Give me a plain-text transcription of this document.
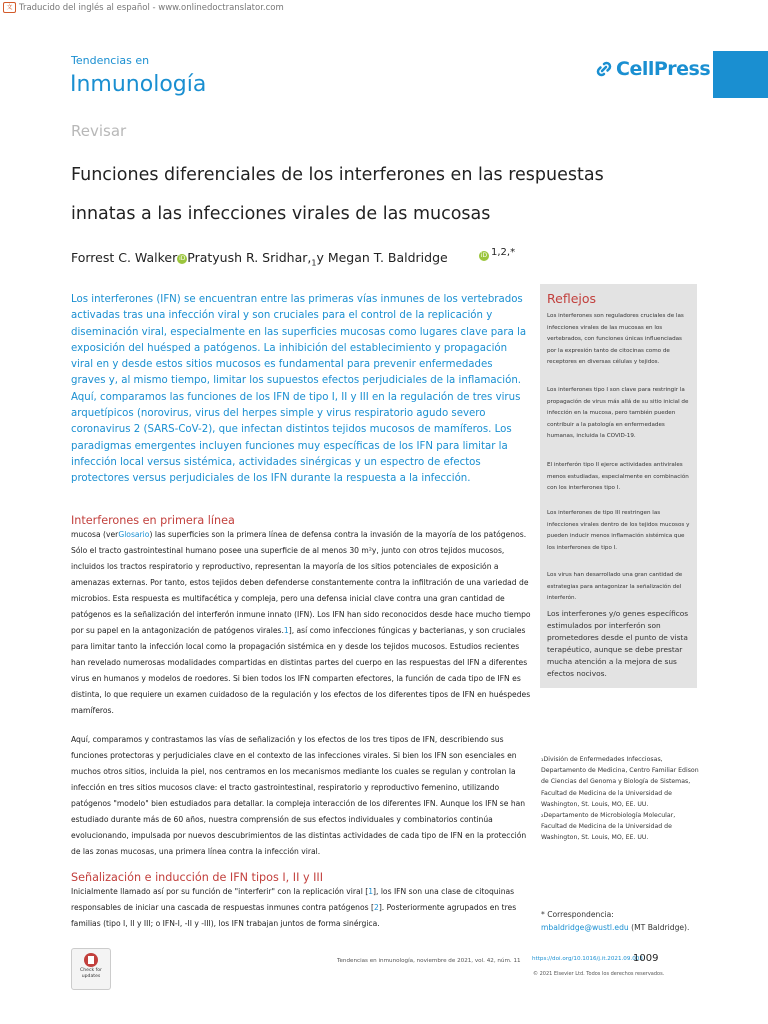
文 Traducido del inglés al español - www.onlinedoctranslator.com
Tendencias en
Inmunología
CellPress
Revisar
Funciones diferenciales de los interferones en las respuestas
innatas a las infecciones virales de las mucosas
Forrest C. Walker iD Pratyush R. $Sridhar,_1y$ Megan T. Baldridge	iD 1,2,*
Los interferones (IFN) se encuentran entre las primeras vías inmunes de los vertebrados activadas tras una infección viral y son cruciales para el control de la replicación y diseminación viral, especialmente en las superficies mucosas como lugares clave para la exposición del huésped a patógenos. La inhibición del establecimiento y propagación viral en y desde estos sitios mucosos es fundamental para prevenir enfermedades graves y, al mismo tiempo, limitar los supuestos efectos perjudiciales de la inflamación. Aquí, comparamos las funciones de los IFN de tipo I, II y III en la regulación de tres virus arquetípicos (norovirus, virus del herpes simple y virus respiratorio agudo severo coronavirus 2 (SARS-CoV-2), que infectan distintos tejidos mucosos de mamíferos. Los paradigmas emergentes incluyen funciones muy específicas de los IFN para limitar la infección local versus sistémica, actividades sinérgicas y un espectro de efectos protectores versus perjudiciales de los IFN durante la respuesta a la infección.
Reflejos
Los interferones son reguladores cruciales de las infecciones virales de las mucosas en los vertebrados, con funciones únicas influenciadas por la expresión tanto de citocinas como de receptores en diversas células y tejidos.
Los interferones tipo I son clave para restringir la propagación de virus más allá de su sitio inicial de infección en la mucosa, pero también pueden contribuir a la patología en enfermedades humanas, incluida la COVID-19.
El interferón tipo II ejerce actividades antivirales menos estudiadas, especialmente en combinación con los interferones tipo I.
Los interferones de tipo III restringen las infecciones virales dentro de los tejidos mucosos y pueden inducir menos inflamación sistémica que los interferones de tipo I.
Los virus han desarrollado una gran cantidad de estrategias para antagonizar la señalización del interferón.
Los interferones y/o genes específicos estimulados por interferón son prometedores desde el punto de vista terapéutico, aunque se debe prestar mucha atención a la mejora de sus efectos nocivos.
Interferones en primera línea
mucosa (verGlosario) las superficies son la primera línea de defensa contra la invasión de la mayoría de los patógenos. Sólo el tracto gastrointestinal humano posee una superficie de al menos 30 m²y, junto con otros tejidos mucosos, incluidos los tractos respiratorio y reproductivo, representan la mayoría de los sitios potenciales de exposición a amenazas externas. Por tanto, estos tejidos deben defenderse constantemente contra la infiltración de una variedad de microbios. Esta respuesta es multifacética y compleja, pero una defensa inicial clave contra una gran cantidad de patógenos es la señalización del interferón inmune innato (IFN). Los IFN han sido reconocidos desde hace mucho tiempo por su papel en la antagonización de patógenos virales.1], así como infecciones fúngicas y bacterianas, y son cruciales para limitar tanto la infección local como la propagación sistémica en y desde los tejidos mucosos. Estudios recientes han revelado numerosas modalidades compartidas en distintas partes del cuerpo en las respuestas del IFN a diferentes virus en humanos y modelos de roedores. Si bien todos los IFN comparten efectores, la función de cada tipo de IFN es distinta, lo que requiere un examen cuidadoso de la regulación y los efectos de los diferentes tipos de IFN en huéspedes mamíferos.
Aquí, comparamos y contrastamos las vías de señalización y los efectos de los tres tipos de IFN, describiendo sus funciones protectoras y perjudiciales clave en el contexto de las infecciones virales. Si bien los IFN son esenciales en muchos otros sitios, incluida la piel, nos centramos en los mecanismos mediante los cuales se regulan y controlan la infección en tres sitios mucosos clave: el tracto gastrointestinal, respiratorio y reproductivo femenino, utilizando patógenos "modelo" bien estudiados para detallar. la compleja interacción de los diferentes IFN. Aunque los IFN se han estudiado durante más de 60 años, nuestra comprensión de sus efectos individuales y combinatorios continúa evolucionando, impulsada por nuevos descubrimientos de las distintas actividades de cada tipo de IFN en la protección de las zonas mucosas, una primera línea contra la infección viral.
Señalización e inducción de IFN tipos I, II y III
Inicialmente llamado así por su función de "interferir" con la replicación viral [1], los IFN son una clase de citoquinas responsables de iniciar una cascada de respuestas inmunes contra patógenos [2]. Posteriormente agrupados en tres familias (tipo I, II y III; o IFN-I, -II y -III), los IFN trabajan juntos de forma sinérgica.
₁División de Enfermedades Infecciosas, Departamento de Medicina, Centro Familiar Edison de Ciencias del Genoma y Biología de Sistemas, Facultad de Medicina de la Universidad de Washington, St. Louis, MO, EE. UU.
₂Departamento de Microbiología Molecular, Facultad de Medicina de la Universidad de Washington, St. Louis, MO, EE. UU.
* Correspondencia:
mbaldridge@wustl.edu (MT Baldridge).
Check for updates
Tendencias en inmunología, noviembre de 2021, vol. 42, núm. 11 https://doi.org/10.1016/j.it.2021.09.003
1009
© 2021 Elsevier Ltd. Todos los derechos reservados.
